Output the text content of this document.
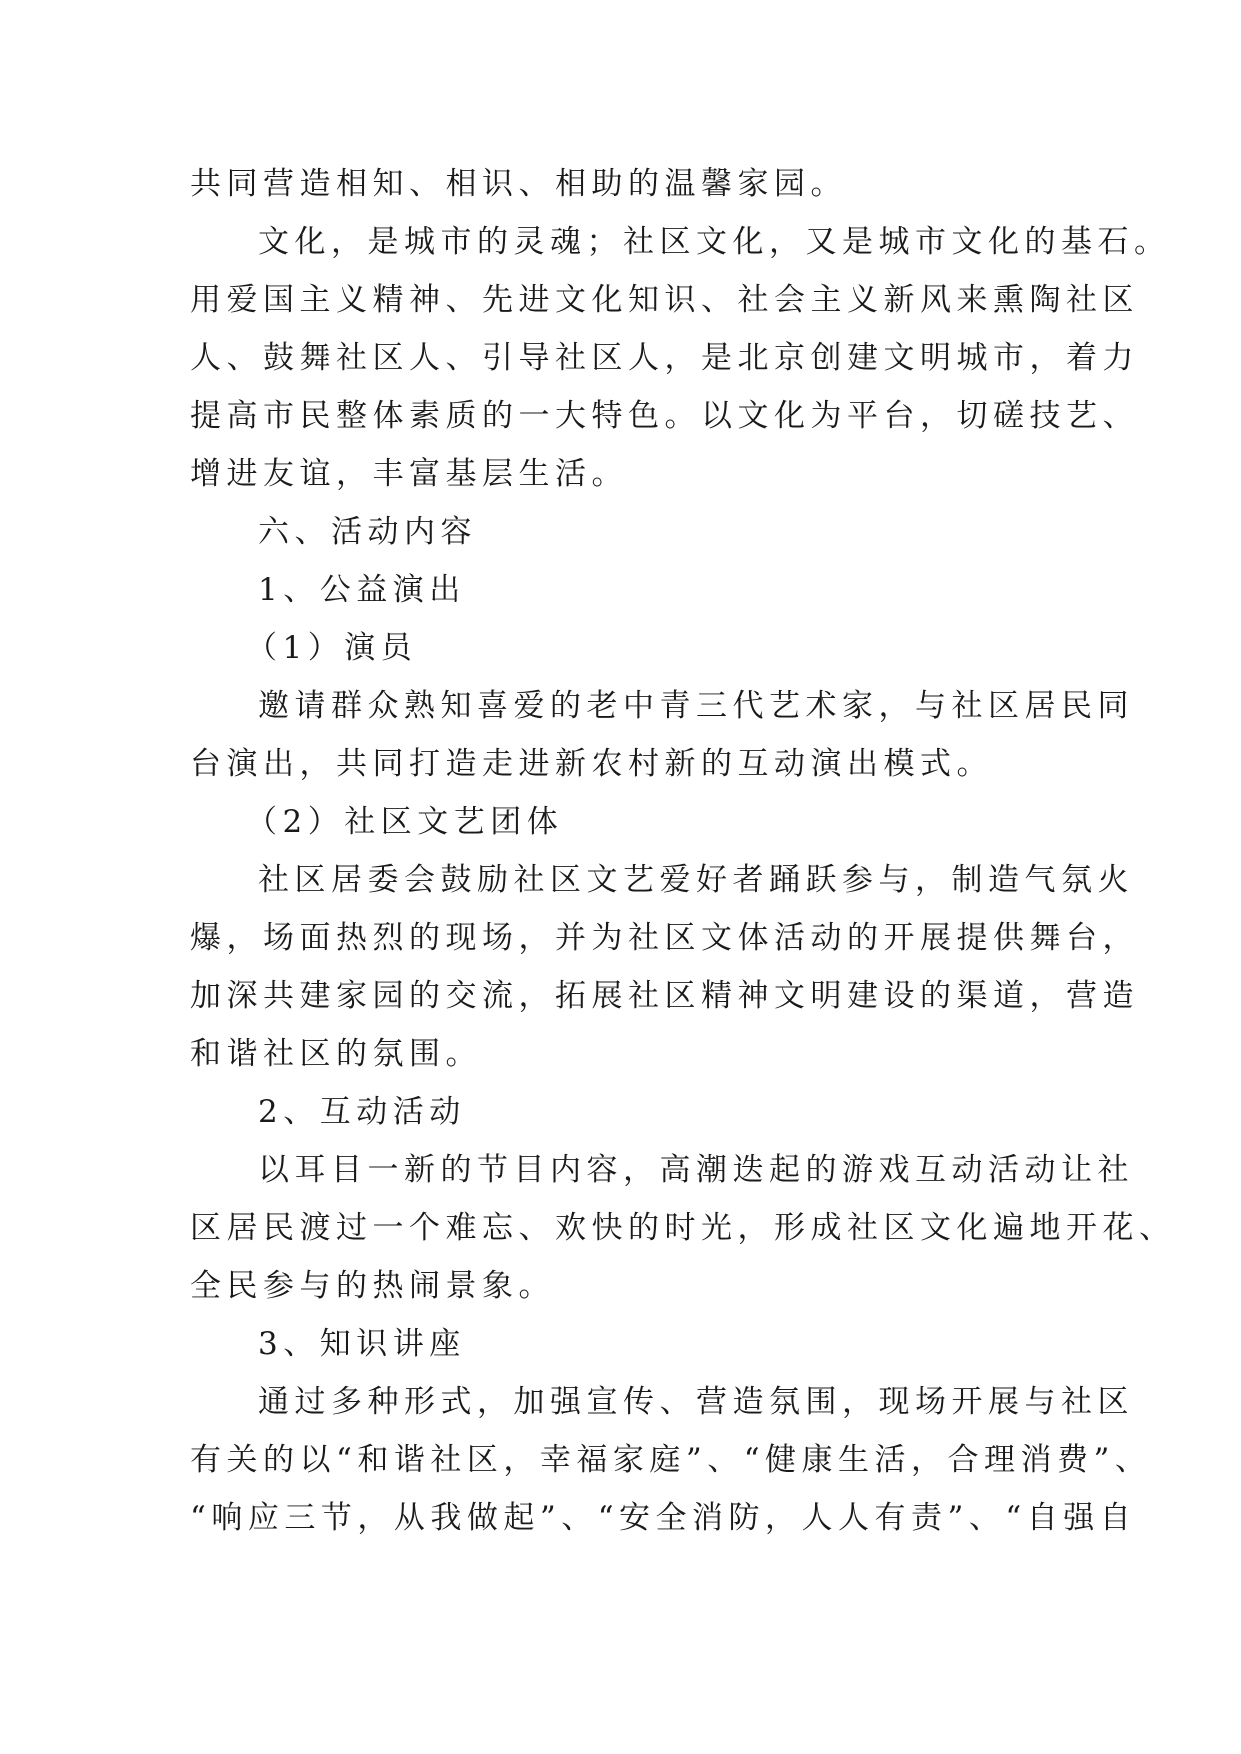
共同营造相知、相识、相助的温馨家园。
文化，是城市的灵魂；社区文化，又是城市文化的基石。
用爱国主义精神、先进文化知识、社会主义新风来熏陶社区
人、鼓舞社区人、引导社区人，是北京创建文明城市，着力
提高市民整体素质的一大特色。以文化为平台，切磋技艺、
增进友谊，丰富基层生活。
六、活动内容
1、公益演出
（1）演员
邀请群众熟知喜爱的老中青三代艺术家，与社区居民同
台演出，共同打造走进新农村新的互动演出模式。
（2）社区文艺团体
社区居委会鼓励社区文艺爱好者踊跃参与，制造气氛火
爆，场面热烈的现场，并为社区文体活动的开展提供舞台，
加深共建家园的交流，拓展社区精神文明建设的渠道，营造
和谐社区的氛围。
2、互动活动
以耳目一新的节目内容，高潮迭起的游戏互动活动让社
区居民渡过一个难忘、欢快的时光，形成社区文化遍地开花、
全民参与的热闹景象。
3、知识讲座
通过多种形式，加强宣传、营造氛围，现场开展与社区
有关的以“和谐社区，幸福家庭”、“健康生活，合理消费”、
“响应三节，从我做起”、“安全消防，人人有责”、“自强自
